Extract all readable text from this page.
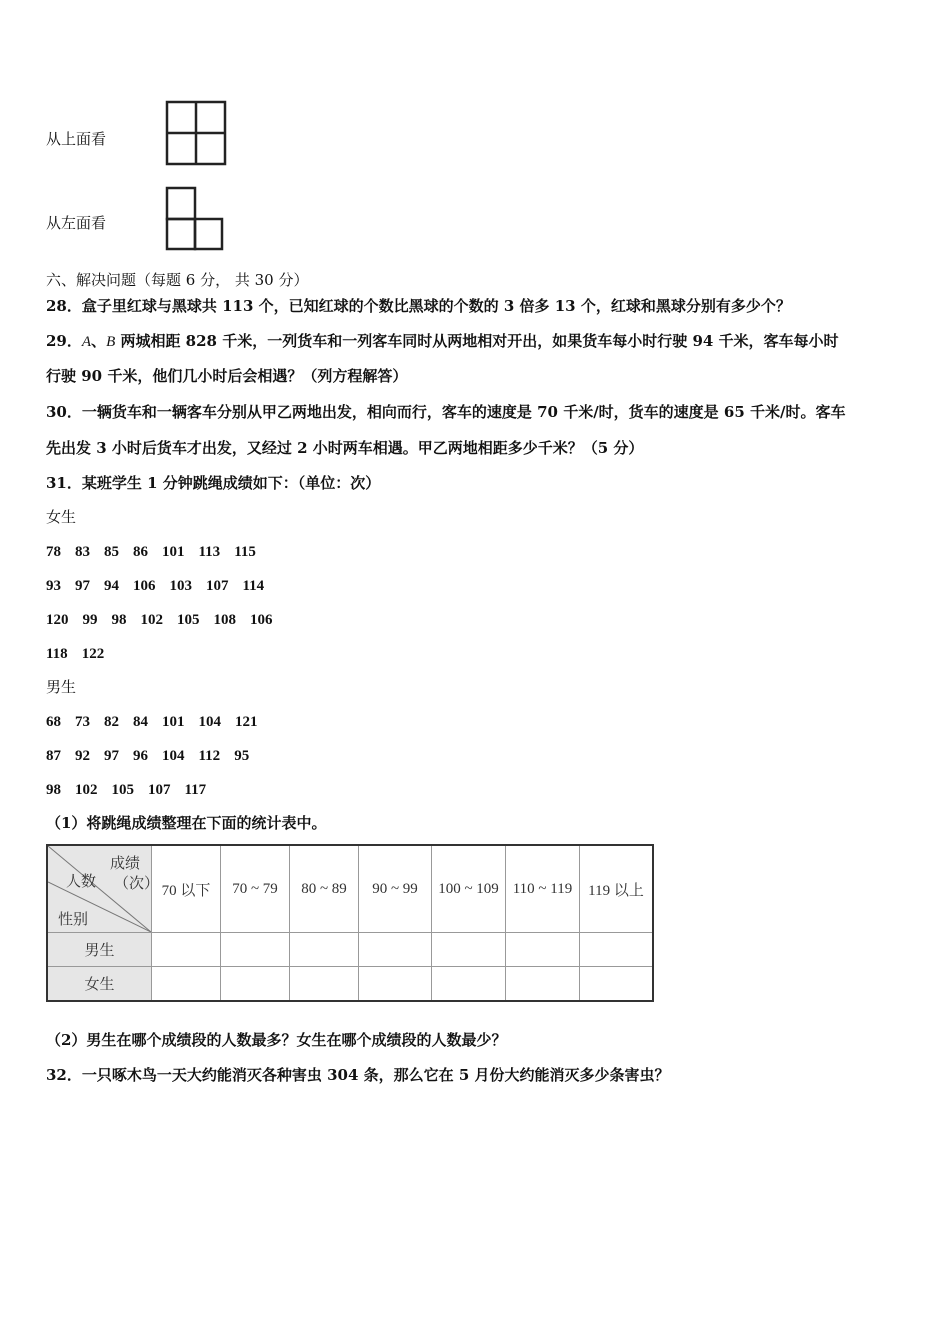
从上面看
从左面看
六、解决问题（每题 6 分， 共 30 分）
28．盒子里红球与黑球共 113 个，已知红球的个数比黑球的个数的 3 倍多 13 个，红球和黑球分别有多少个？
29．A、B 两城相距 828 千米，一列货车和一列客车同时从两地相对开出，如果货车每小时行驶 94 千米，客车每小时
行驶 90 千米，他们几小时后会相遇？（列方程解答）
30．一辆货车和一辆客车分别从甲乙两地出发，相向而行，客车的速度是 70 千米/时，货车的速度是 65 千米/时。客车
先出发 3 小时后货车才出发，又经过 2 小时两车相遇。甲乙两地相距多少千米？（5 分）
31．某班学生 1 分钟跳绳成绩如下：（单位：次）
女生
78 83 85 86 101 113 115
93 97 94 106 103 107 114
120 99 98 102 105 108 106
118 122
男生
68 73 82 84 101 104 121
87 92 97 96 104 112 95
98 102 105 107 117
（1）将跳绳成绩整理在下面的统计表中。
成绩
（次）
人数
性别	70 以下	70 ~ 79	80 ~ 89	90 ~ 99	100 ~ 109	110 ~ 119	119 以上
男生							
女生							
（2）男生在哪个成绩段的人数最多？女生在哪个成绩段的人数最少？
32．一只啄木鸟一天大约能消灭各种害虫 304 条，那么它在 5 月份大约能消灭多少条害虫？
